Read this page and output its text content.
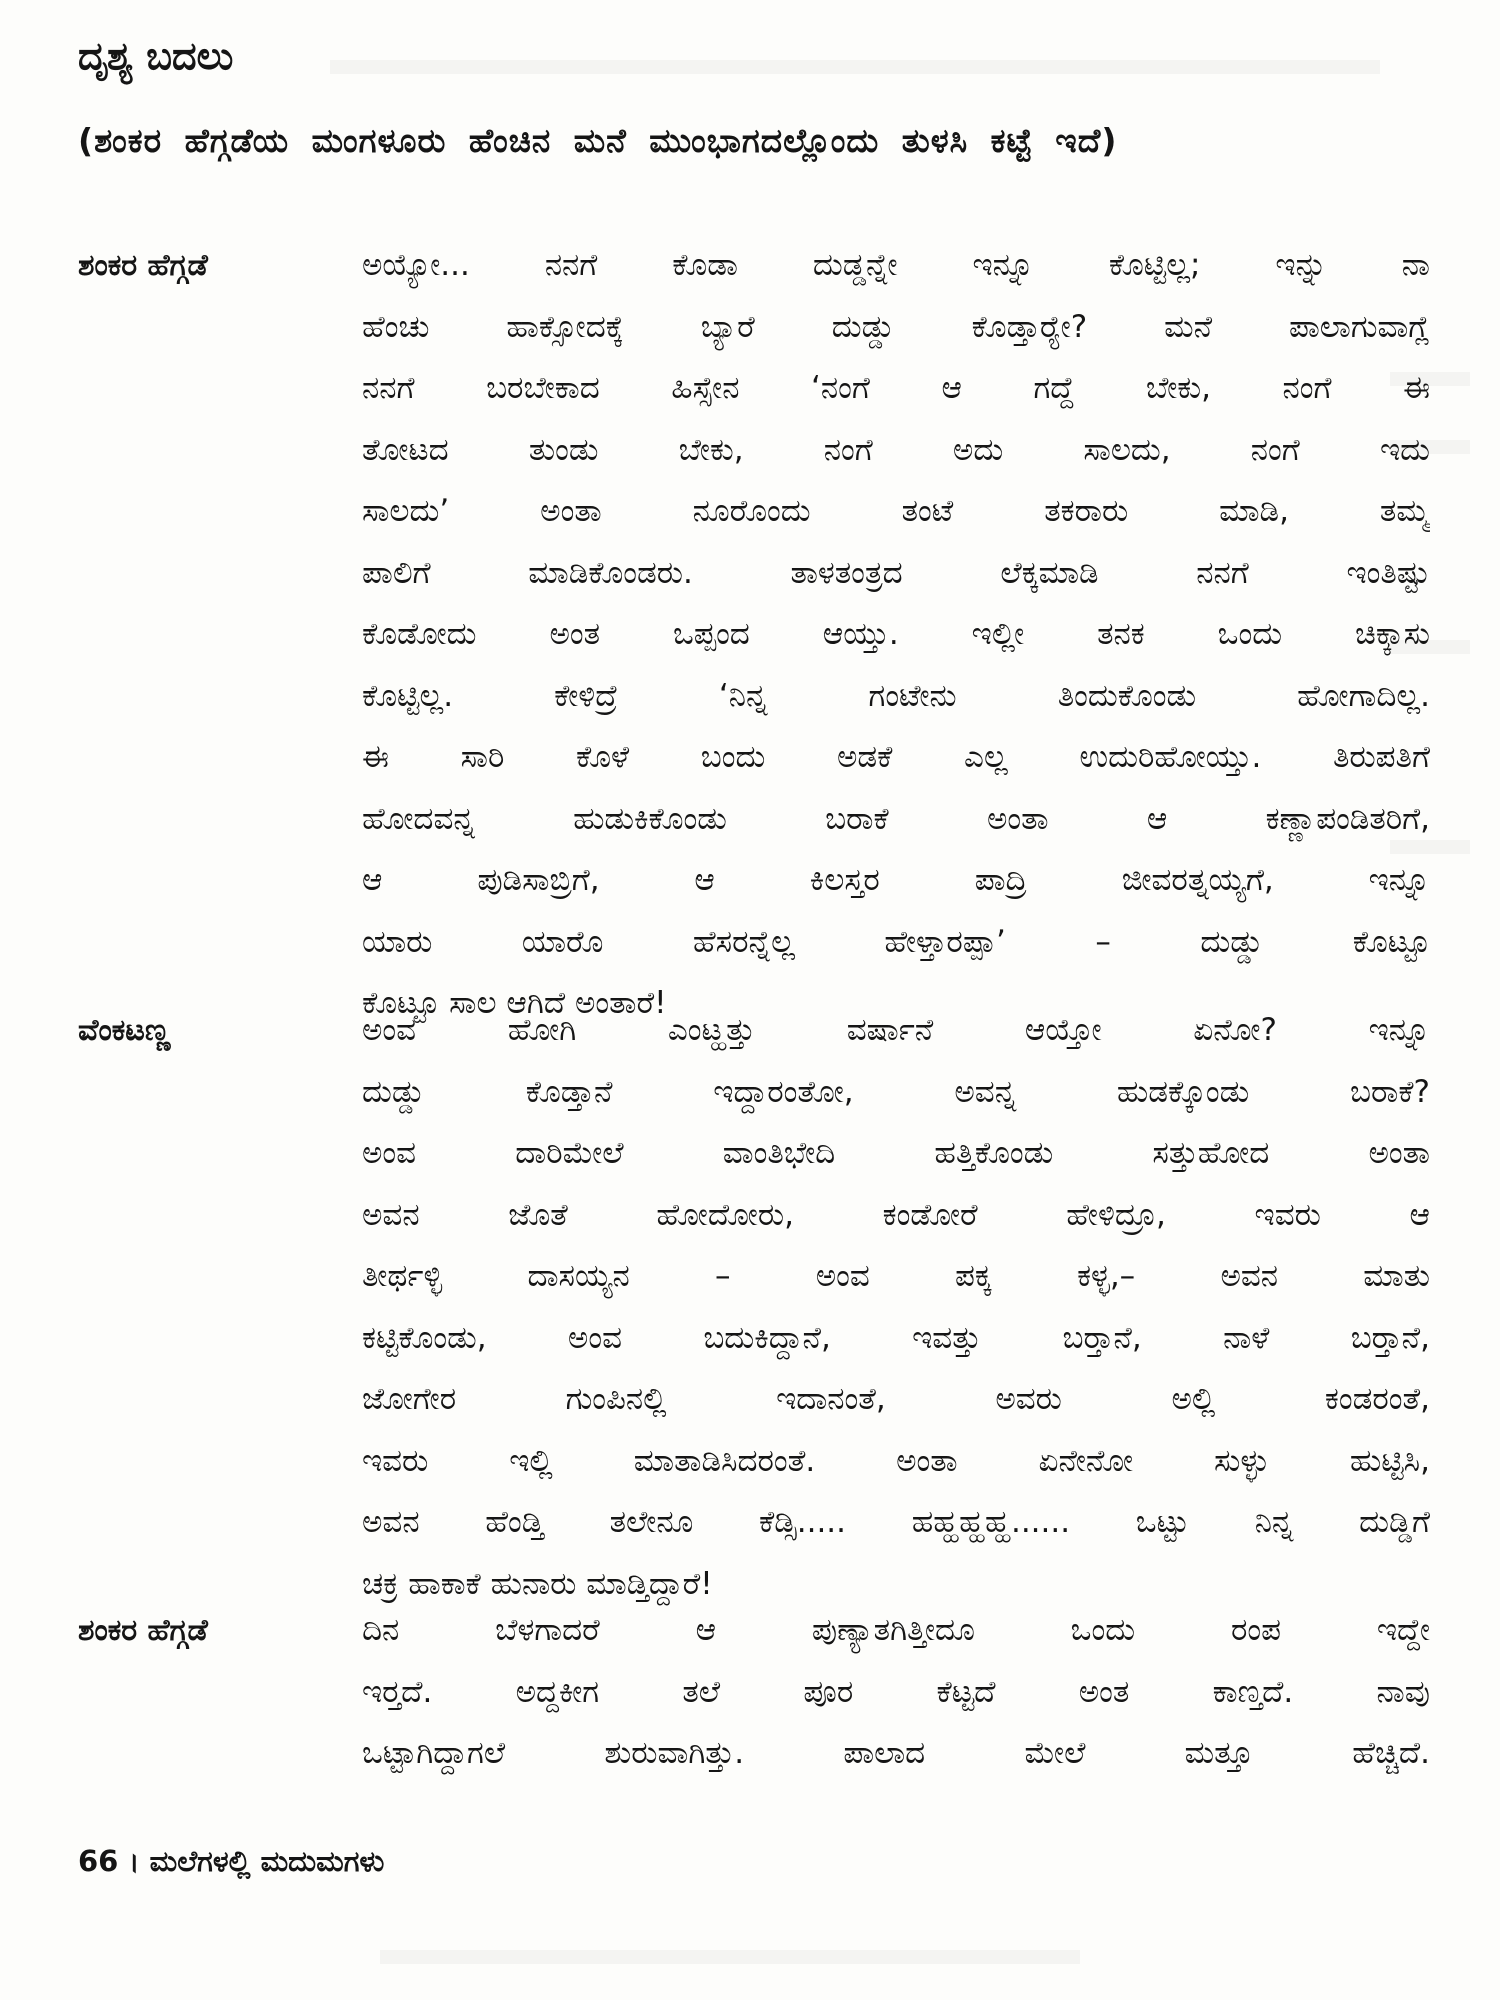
ದೃಶ್ಯ ಬದಲು
(ಶಂಕರ ಹೆಗ್ಗಡೆಯ ಮಂಗಳೂರು ಹೆಂಚಿನ ಮನೆ ಮುಂಭಾಗದಲ್ಲೊಂದು ತುಳಸಿ ಕಟ್ಟೆ ಇದೆ)
ಶಂಕರ ಹೆಗ್ಗಡೆ	ಅಯ್ಯೋ... ನನಗೆ ಕೊಡಾ ದುಡ್ಡನ್ನೇ ಇನ್ನೂ ಕೊಟ್ಟಿಲ್ಲ; ಇನ್ನು ನಾ
ಹೆಂಚು ಹಾಕ್ಸೋದಕ್ಕೆ ಬ್ಯಾರೆ ದುಡ್ಡು ಕೊಡ್ತಾರ್‍ಯೇ? ಮನೆ ಪಾಲಾಗುವಾಗ್ಲೆ
ನನಗೆ ಬರಬೇಕಾದ ಹಿಸ್ಸೇನ ‘ನಂಗೆ ಆ ಗದ್ದೆ ಬೇಕು, ನಂಗೆ ಈ
ತೋಟದ ತುಂಡು ಬೇಕು, ನಂಗೆ ಅದು ಸಾಲದು, ನಂಗೆ ಇದು
ಸಾಲದು’ ಅಂತಾ ನೂರೊಂದು ತಂಟೆ ತಕರಾರು ಮಾಡಿ, ತಮ್ಮ
ಪಾಲಿಗೆ ಮಾಡಿಕೊಂಡರು. ತಾಳತಂತ್ರದ ಲೆಕ್ಕಮಾಡಿ ನನಗೆ ಇಂತಿಷ್ಟು
ಕೊಡೋದು ಅಂತ ಒಪ್ಪಂದ ಆಯ್ತು. ಇಲ್ಲೀ ತನಕ ಒಂದು ಚಿಕ್ಕಾಸು
ಕೊಟ್ಟಿಲ್ಲ. ಕೇಳಿದ್ರೆ ‘ನಿನ್ನ ಗಂಟೇನು ತಿಂದುಕೊಂಡು ಹೋಗಾದಿಲ್ಲ.
ಈ ಸಾರಿ ಕೊಳೆ ಬಂದು ಅಡಕೆ ಎಲ್ಲ ಉದುರಿಹೋಯ್ತು. ತಿರುಪತಿಗೆ
ಹೋದವನ್ನ ಹುಡುಕಿಕೊಂಡು ಬರಾಕೆ ಅಂತಾ ಆ ಕಣ್ಣಾಪಂಡಿತರಿಗೆ,
ಆ ಪುಡಿಸಾಬ್ರಿಗೆ, ಆ ಕಿಲಸ್ತರ ಪಾದ್ರಿ ಜೀವರತ್ನಯ್ಯಗೆ, ಇನ್ನೂ
ಯಾರು ಯಾರೊ ಹೆಸರನ್ನೆಲ್ಲ ಹೇಳ್ತಾರಪ್ಪಾ’ – ದುಡ್ಡು ಕೊಟ್ಟೂ
ಕೊಟ್ಟೂ ಸಾಲ ಆಗಿದೆ ಅಂತಾರೆ!
ವೆಂಕಟಣ್ಣ	ಅಂವ ಹೋಗಿ ಎಂಟ್ಹತ್ತು ವರ್ಷಾನೆ ಆಯ್ತೋ ಏನೋ? ಇನ್ನೂ
ದುಡ್ಡು ಕೊಡ್ತಾನೆ ಇದ್ದಾರಂತೋ, ಅವನ್ನ ಹುಡಕ್ಕೊಂಡು ಬರಾಕೆ?
ಅಂವ ದಾರಿಮೇಲೆ ವಾಂತಿಭೇದಿ ಹತ್ತಿಕೊಂಡು ಸತ್ತುಹೋದ ಅಂತಾ
ಅವನ ಜೊತೆ ಹೋದೋರು, ಕಂಡೋರೆ ಹೇಳಿದ್ರೂ, ಇವರು ಆ
ತೀರ್ಥಳ್ಳಿ ದಾಸಯ್ಯನ – ಅಂವ ಪಕ್ಕ ಕಳ್ಳ,– ಅವನ ಮಾತು
ಕಟ್ಟಿಕೊಂಡು, ಅಂವ ಬದುಕಿದ್ದಾನೆ, ಇವತ್ತು ಬರ್‍ತಾನೆ, ನಾಳೆ ಬರ್‍ತಾನೆ,
ಜೋಗೇರ ಗುಂಪಿನಲ್ಲಿ ಇದಾನಂತೆ, ಅವರು ಅಲ್ಲಿ ಕಂಡರಂತೆ,
ಇವರು ಇಲ್ಲಿ ಮಾತಾಡಿಸಿದರಂತೆ. ಅಂತಾ ಏನೇನೋ ಸುಳ್ಳು ಹುಟ್ಟಿಸಿ,
ಅವನ ಹೆಂಡ್ತಿ ತಲೇನೂ ಕೆಡ್ಸಿ..... ಹಹ್ಹಹ್ಹಹ್ಹ...... ಒಟ್ಟು ನಿನ್ನ ದುಡ್ಡಿಗೆ
ಚಕ್ರ ಹಾಕಾಕೆ ಹುನಾರು ಮಾಡ್ತಿದ್ದಾರೆ!
ಶಂಕರ ಹೆಗ್ಗಡೆ	ದಿನ ಬೆಳಗಾದರೆ ಆ ಪುಣ್ಯಾತಗಿತ್ತೀದೂ ಒಂದು ರಂಪ ಇದ್ದೇ
ಇರ್‍ತದೆ. ಅದ್ದಕೀಗ ತಲೆ ಪೂರ ಕೆಟ್ಟದೆ ಅಂತ ಕಾಣ್ತದೆ. ನಾವು
ಒಟ್ಟಾಗಿದ್ದಾಗಲೆ ಶುರುವಾಗಿತ್ತು. ಪಾಲಾದ ಮೇಲೆ ಮತ್ತೂ ಹೆಚ್ಚಿದೆ.
66 । ಮಲೆಗಳಲ್ಲಿ ಮದುಮಗಳು
